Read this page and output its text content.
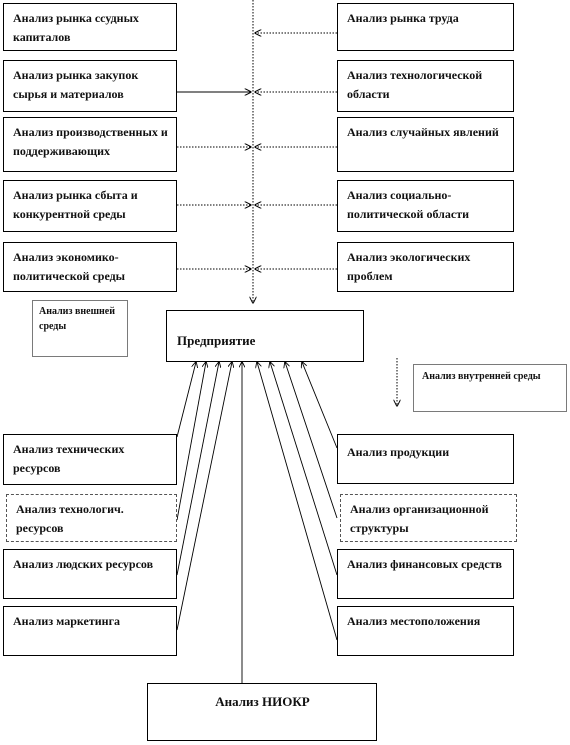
Анализ рынка ссудных капиталов
Анализ рынка закупок сырья и материалов
Анализ производственных и поддерживающих
Анализ рынка сбыта и конкурентной среды
Анализ экономико-политической среды
Анализ рынка труда
Анализ технологической области
Анализ случайных явлений
Анализ социально-политической области
Анализ экологических проблем
Анализ внешней среды
Предприятие
Анализ внутренней среды
Анализ технических ресурсов
Анализ технологич. ресурсов
Анализ людских ресурсов
Анализ маркетинга
Анализ продукции
Анализ организационной структуры
Анализ финансовых средств
Анализ местоположения
Анализ НИОКР
